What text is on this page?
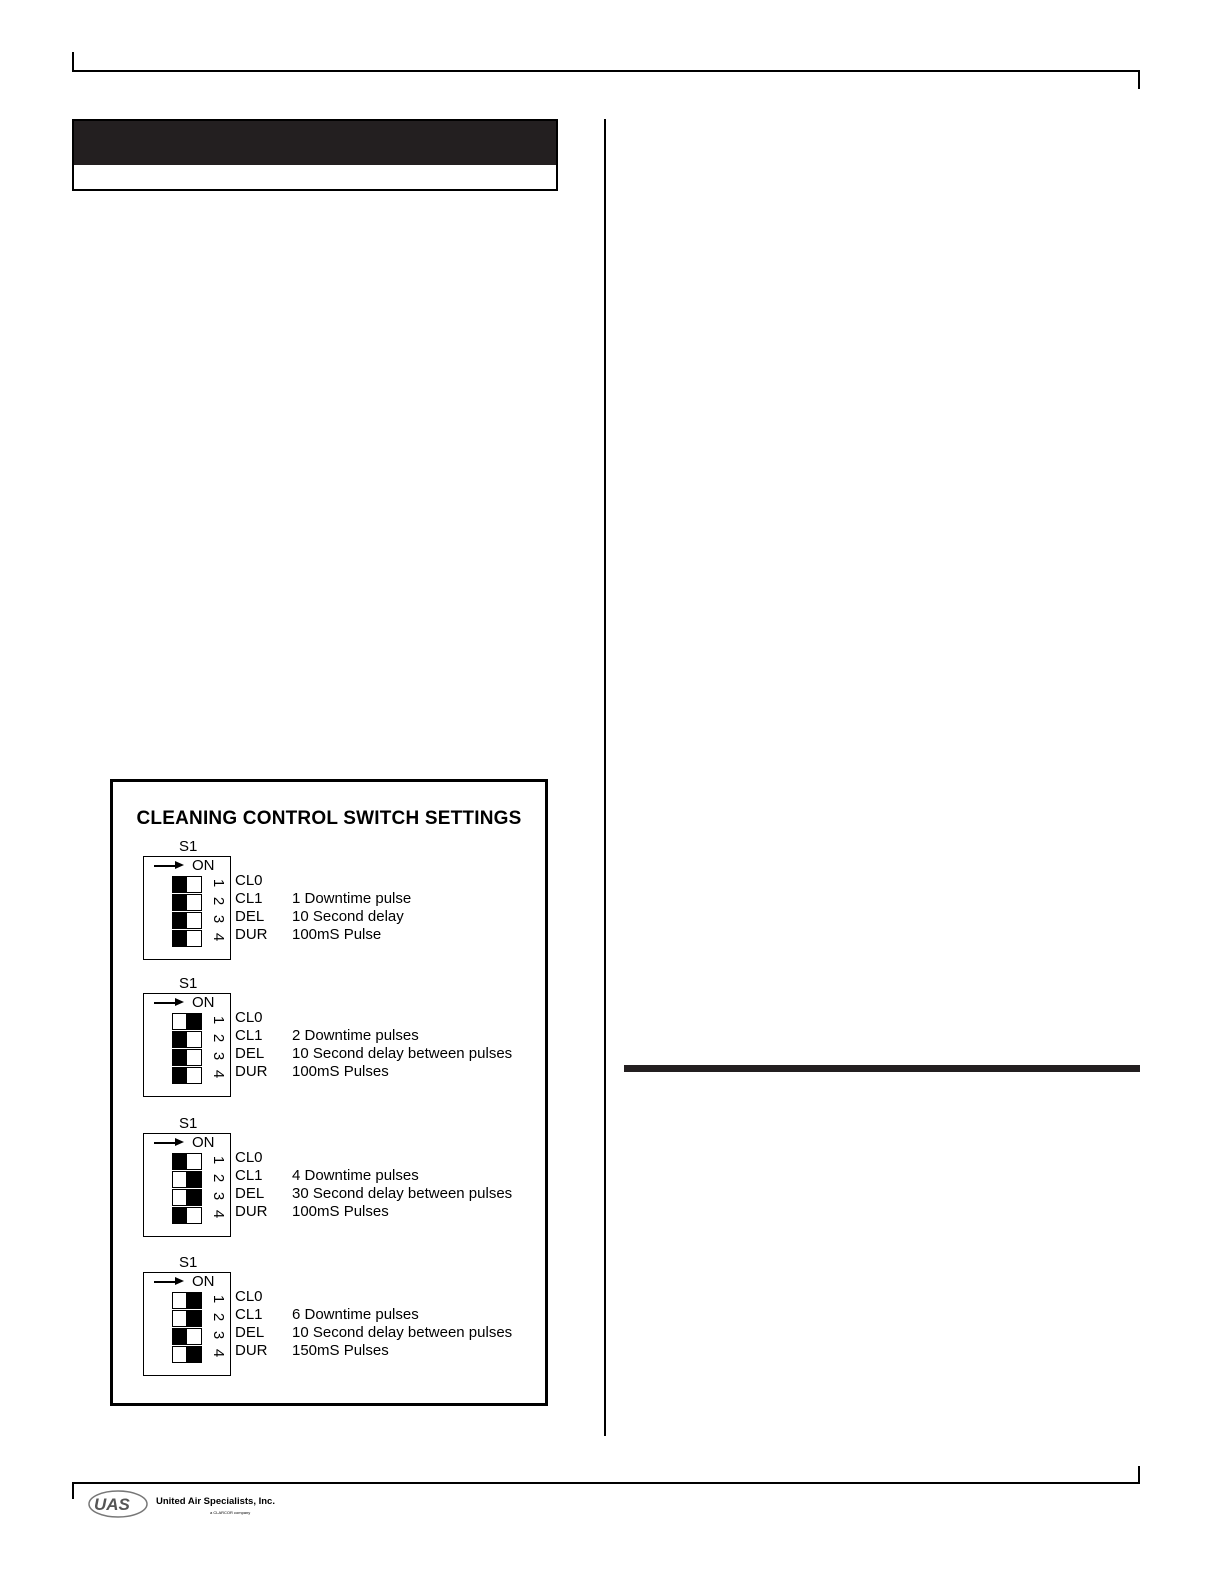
CLEANING CONTROL SWITCH SETTINGS
S1
ON
1
2
3
4
CL0
CL1
DEL
DUR
1 Downtime pulse
10 Second delay
100mS Pulse
S1
ON
1
2
3
4
CL0
CL1
DEL
DUR
2 Downtime pulses
10 Second delay between pulses
100mS Pulses
S1
ON
1
2
3
4
CL0
CL1
DEL
DUR
4 Downtime pulses
30 Second delay between pulses
100mS Pulses
S1
ON
1
2
3
4
CL0
CL1
DEL
DUR
6 Downtime pulses
10 Second delay between pulses
150mS Pulses
UAS	United Air Specialists, Inc.
a CLARCOR company
